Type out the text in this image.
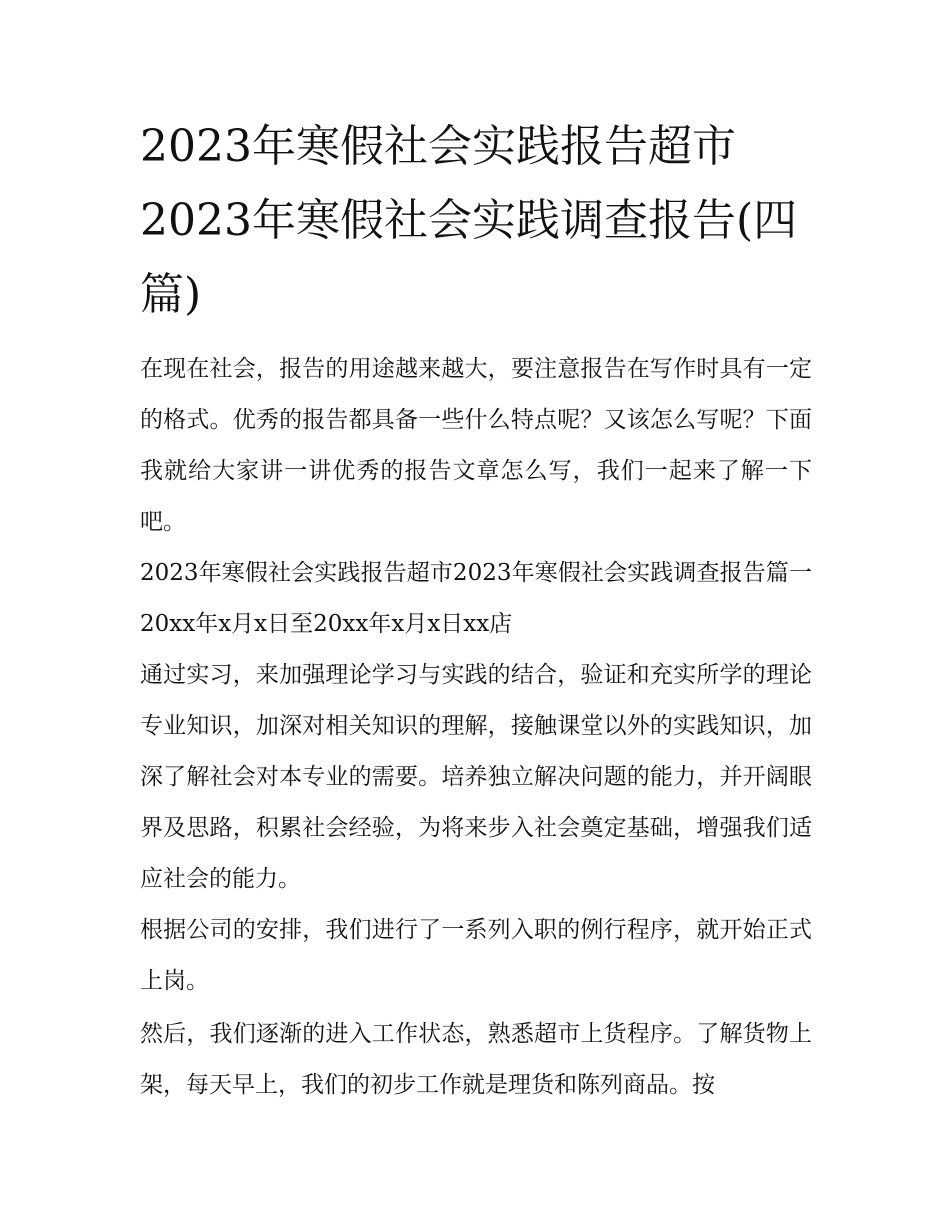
2023年寒假社会实践报告超市2023年寒假社会实践调查报告(四篇)

在现在社会，报告的用途越来越大，要注意报告在写作时具有一定的格式。优秀的报告都具备一些什么特点呢？又该怎么写呢？下面我就给大家讲一讲优秀的报告文章怎么写，我们一起来了解一下吧。

2023年寒假社会实践报告超市2023年寒假社会实践调查报告篇一20xx年x月x日至20xx年x月x日xx店

通过实习，来加强理论学习与实践的结合，验证和充实所学的理论专业知识，加深对相关知识的理解，接触课堂以外的实践知识，加深了解社会对本专业的需要。培养独立解决问题的能力，并开阔眼界及思路，积累社会经验，为将来步入社会奠定基础，增强我们适应社会的能力。

根据公司的安排，我们进行了一系列入职的例行程序，就开始正式上岗。

然后，我们逐渐的进入工作状态，熟悉超市上货程序。了解货物上架，每天早上，我们的初步工作就是理货和陈列商品。按
